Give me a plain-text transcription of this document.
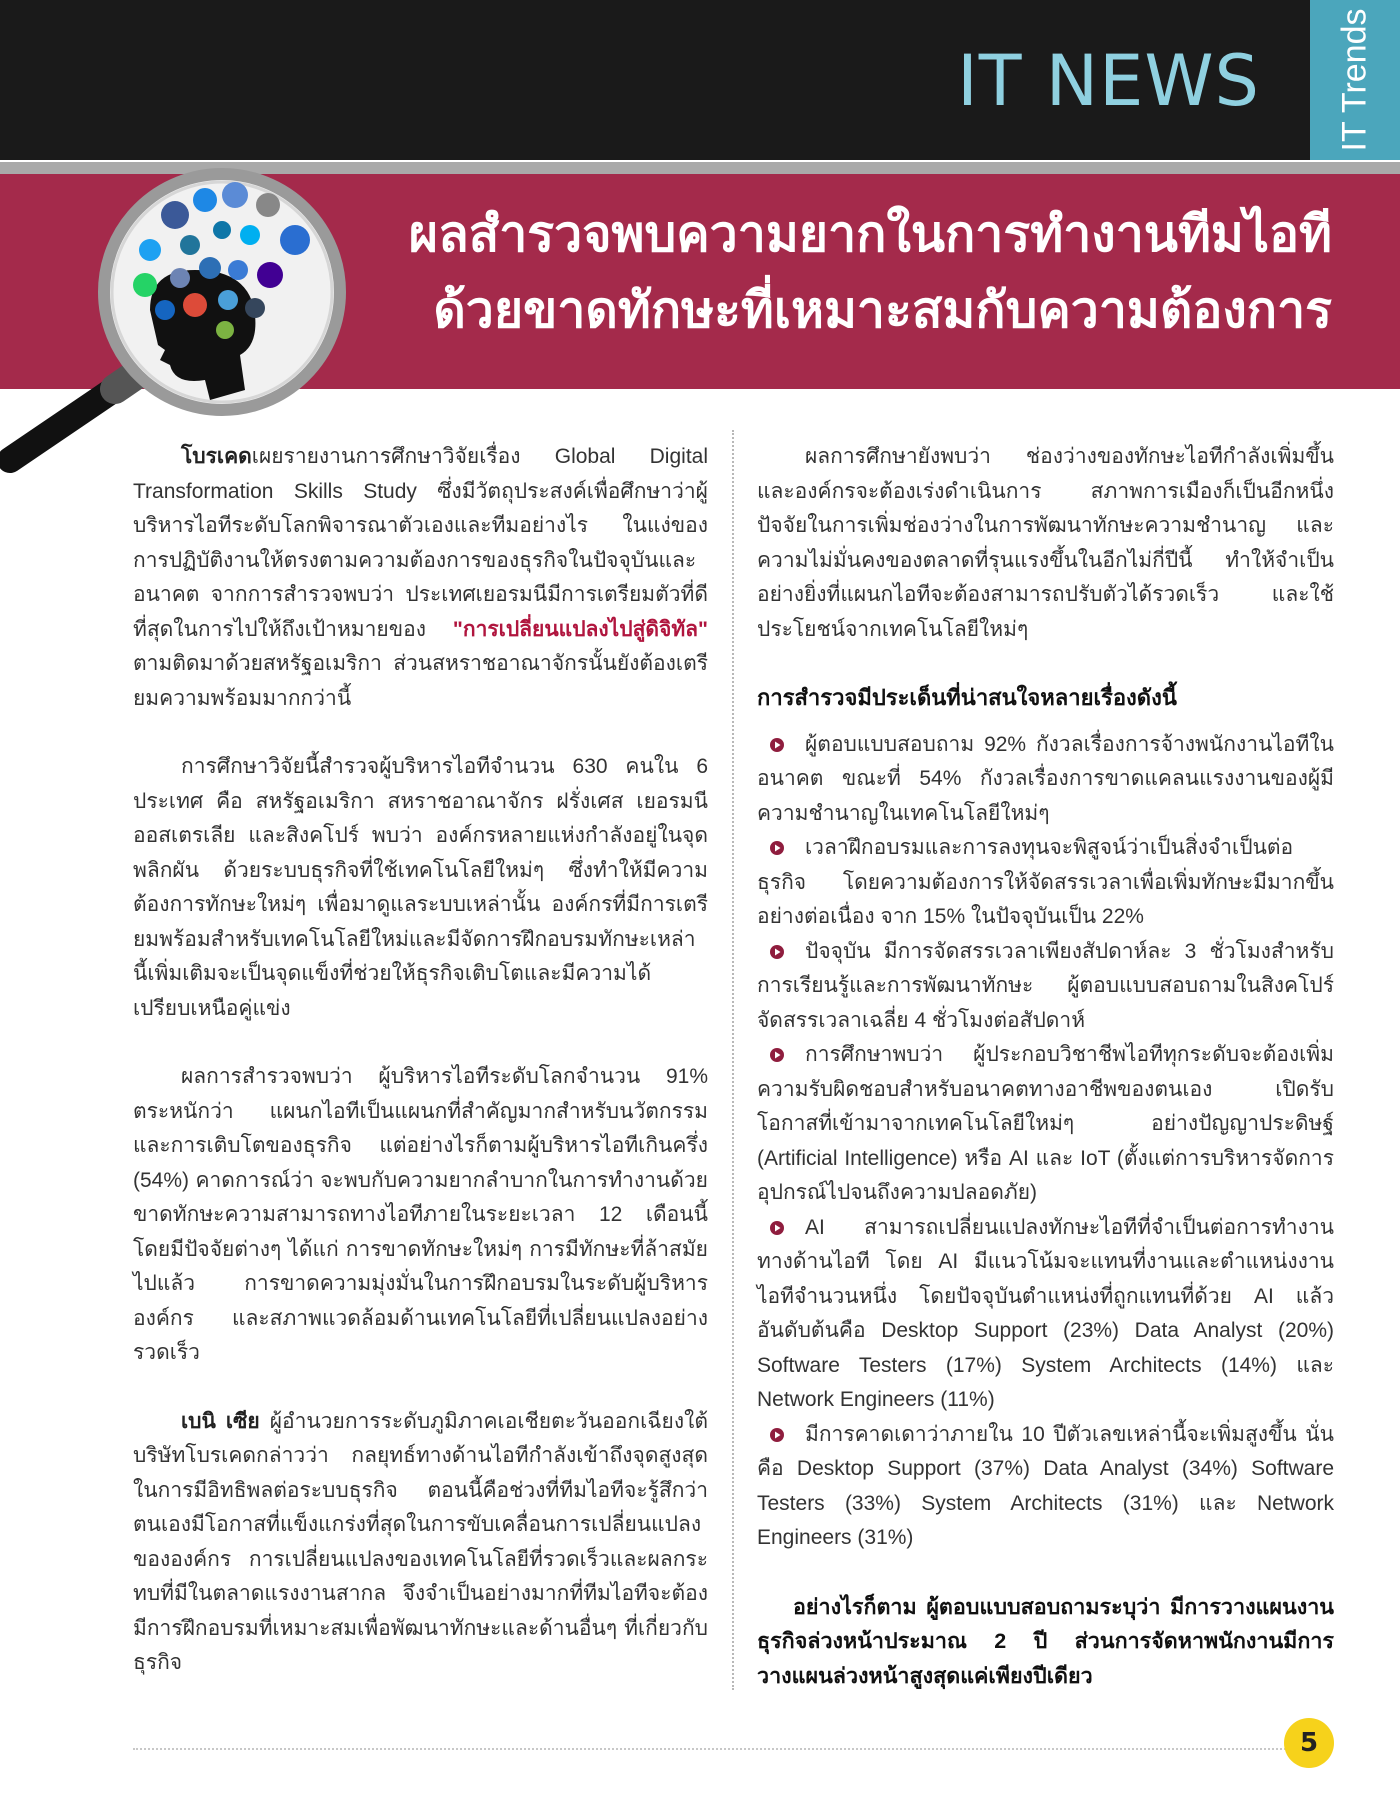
IT NEWS IT Trends
ผลสำรวจพบความยากในการทำงานทีมไอที
ด้วยขาดทักษะที่เหมาะสมกับความต้องการ

โบรเคดเผยรายงานการศึกษาวิจัยเรื่อง Global Digital Transformation Skills Study ซึ่งมีวัตถุประสงค์เพื่อศึกษาว่าผู้บริหารไอทีระดับโลกพิจารณาตัวเองและทีมอย่างไร ในแง่ของการปฏิบัติงานให้ตรงตามความต้องการของธุรกิจในปัจจุบันและอนาคต จากการสำรวจพบว่า ประเทศเยอรมนีมีการเตรียมตัวที่ดีที่สุดในการไปให้ถึงเป้าหมายของ "การเปลี่ยนแปลงไปสู่ดิจิทัล" ตามติดมาด้วยสหรัฐอเมริกา ส่วนสหราชอาณาจักรนั้นยังต้องเตรียมความพร้อมมากกว่านี้

การศึกษาวิจัยนี้สำรวจผู้บริหารไอทีจำนวน 630 คนใน 6 ประเทศ คือ สหรัฐอเมริกา สหราชอาณาจักร ฝรั่งเศส เยอรมนี ออสเตรเลีย และสิงคโปร์ พบว่า องค์กรหลายแห่งกำลังอยู่ในจุดพลิกผัน ด้วยระบบธุรกิจที่ใช้เทคโนโลยีใหม่ๆ ซึ่งทำให้มีความต้องการทักษะใหม่ๆ เพื่อมาดูแลระบบเหล่านั้น องค์กรที่มีการเตรียมพร้อมสำหรับเทคโนโลยีใหม่และมีจัดการฝึกอบรมทักษะเหล่านี้เพิ่มเติมจะเป็นจุดแข็งที่ช่วยให้ธุรกิจเติบโตและมีความได้เปรียบเหนือคู่แข่ง

ผลการสำรวจพบว่า ผู้บริหารไอทีระดับโลกจำนวน 91% ตระหนักว่า แผนกไอทีเป็นแผนกที่สำคัญมากสำหรับนวัตกรรมและการเติบโตของธุรกิจ แต่อย่างไรก็ตามผู้บริหารไอทีเกินครึ่ง (54%) คาดการณ์ว่า จะพบกับความยากลำบากในการทำงานด้วยขาดทักษะความสามารถทางไอทีภายในระยะเวลา 12 เดือนนี้ โดยมีปัจจัยต่างๆ ได้แก่ การขาดทักษะใหม่ๆ การมีทักษะที่ล้าสมัยไปแล้ว การขาดความมุ่งมั่นในการฝึกอบรมในระดับผู้บริหารองค์กร และสภาพแวดล้อมด้านเทคโนโลยีที่เปลี่ยนแปลงอย่างรวดเร็ว

เบนิ เซีย ผู้อำนวยการระดับภูมิภาคเอเชียตะวันออกเฉียงใต้ บริษัทโบรเคดกล่าวว่า กลยุทธ์ทางด้านไอทีกำลังเข้าถึงจุดสูงสุดในการมีอิทธิพลต่อระบบธุรกิจ ตอนนี้คือช่วงที่ทีมไอทีจะรู้สึกว่าตนเองมีโอกาสที่แข็งแกร่งที่สุดในการขับเคลื่อนการเปลี่ยนแปลงขององค์กร การเปลี่ยนแปลงของเทคโนโลยีที่รวดเร็วและผลกระทบที่มีในตลาดแรงงานสากล จึงจำเป็นอย่างมากที่ทีมไอทีจะต้องมีการฝึกอบรมที่เหมาะสมเพื่อพัฒนาทักษะและด้านอื่นๆ ที่เกี่ยวกับธุรกิจ

ผลการศึกษายังพบว่า ช่องว่างของทักษะไอทีกำลังเพิ่มขึ้น และองค์กรจะต้องเร่งดำเนินการ สภาพการเมืองก็เป็นอีกหนึ่งปัจจัยในการเพิ่มช่องว่างในการพัฒนาทักษะความชำนาญ และความไม่มั่นคงของตลาดที่รุนแรงขึ้นในอีกไม่กี่ปีนี้ ทำให้จำเป็นอย่างยิ่งที่แผนกไอทีจะต้องสามารถปรับตัวได้รวดเร็ว และใช้ประโยชน์จากเทคโนโลยีใหม่ๆ

การสำรวจมีประเด็นที่น่าสนใจหลายเรื่องดังนี้

ผู้ตอบแบบสอบถาม 92% กังวลเรื่องการจ้างพนักงานไอทีในอนาคต ขณะที่ 54% กังวลเรื่องการขาดแคลนแรงงานของผู้มีความชำนาญในเทคโนโลยีใหม่ๆ

เวลาฝึกอบรมและการลงทุนจะพิสูจน์ว่าเป็นสิ่งจำเป็นต่อธุรกิจ โดยความต้องการให้จัดสรรเวลาเพื่อเพิ่มทักษะมีมากขึ้นอย่างต่อเนื่อง จาก 15% ในปัจจุบันเป็น 22%

ปัจจุบัน มีการจัดสรรเวลาเพียงสัปดาห์ละ 3 ชั่วโมงสำหรับการเรียนรู้และการพัฒนาทักษะ ผู้ตอบแบบสอบถามในสิงคโปร์จัดสรรเวลาเฉลี่ย 4 ชั่วโมงต่อสัปดาห์

การศึกษาพบว่า ผู้ประกอบวิชาชีพไอทีทุกระดับจะต้องเพิ่มความรับผิดชอบสำหรับอนาคตทางอาชีพของตนเอง เปิดรับโอกาสที่เข้ามาจากเทคโนโลยีใหม่ๆ อย่างปัญญาประดิษฐ์ (Artificial Intelligence) หรือ AI และ IoT (ตั้งแต่การบริหารจัดการอุปกรณ์ไปจนถึงความปลอดภัย)

AI สามารถเปลี่ยนแปลงทักษะไอทีที่จำเป็นต่อการทำงานทางด้านไอที โดย AI มีแนวโน้มจะแทนที่งานและตำแหน่งงานไอทีจำนวนหนึ่ง โดยปัจจุบันตำแหน่งที่ถูกแทนที่ด้วย AI แล้ว อันดับต้นคือ Desktop Support (23%) Data Analyst (20%) Software Testers (17%) System Architects (14%) และ Network Engineers (11%)

มีการคาดเดาว่าภายใน 10 ปีตัวเลขเหล่านี้จะเพิ่มสูงขึ้น นั่นคือ Desktop Support (37%) Data Analyst (34%) Software Testers (33%) System Architects (31%) และ Network Engineers (31%)

อย่างไรก็ตาม ผู้ตอบแบบสอบถามระบุว่า มีการวางแผนงานธุรกิจล่วงหน้าประมาณ 2 ปี ส่วนการจัดหาพนักงานมีการวางแผนล่วงหน้าสูงสุดแค่เพียงปีเดียว

5
